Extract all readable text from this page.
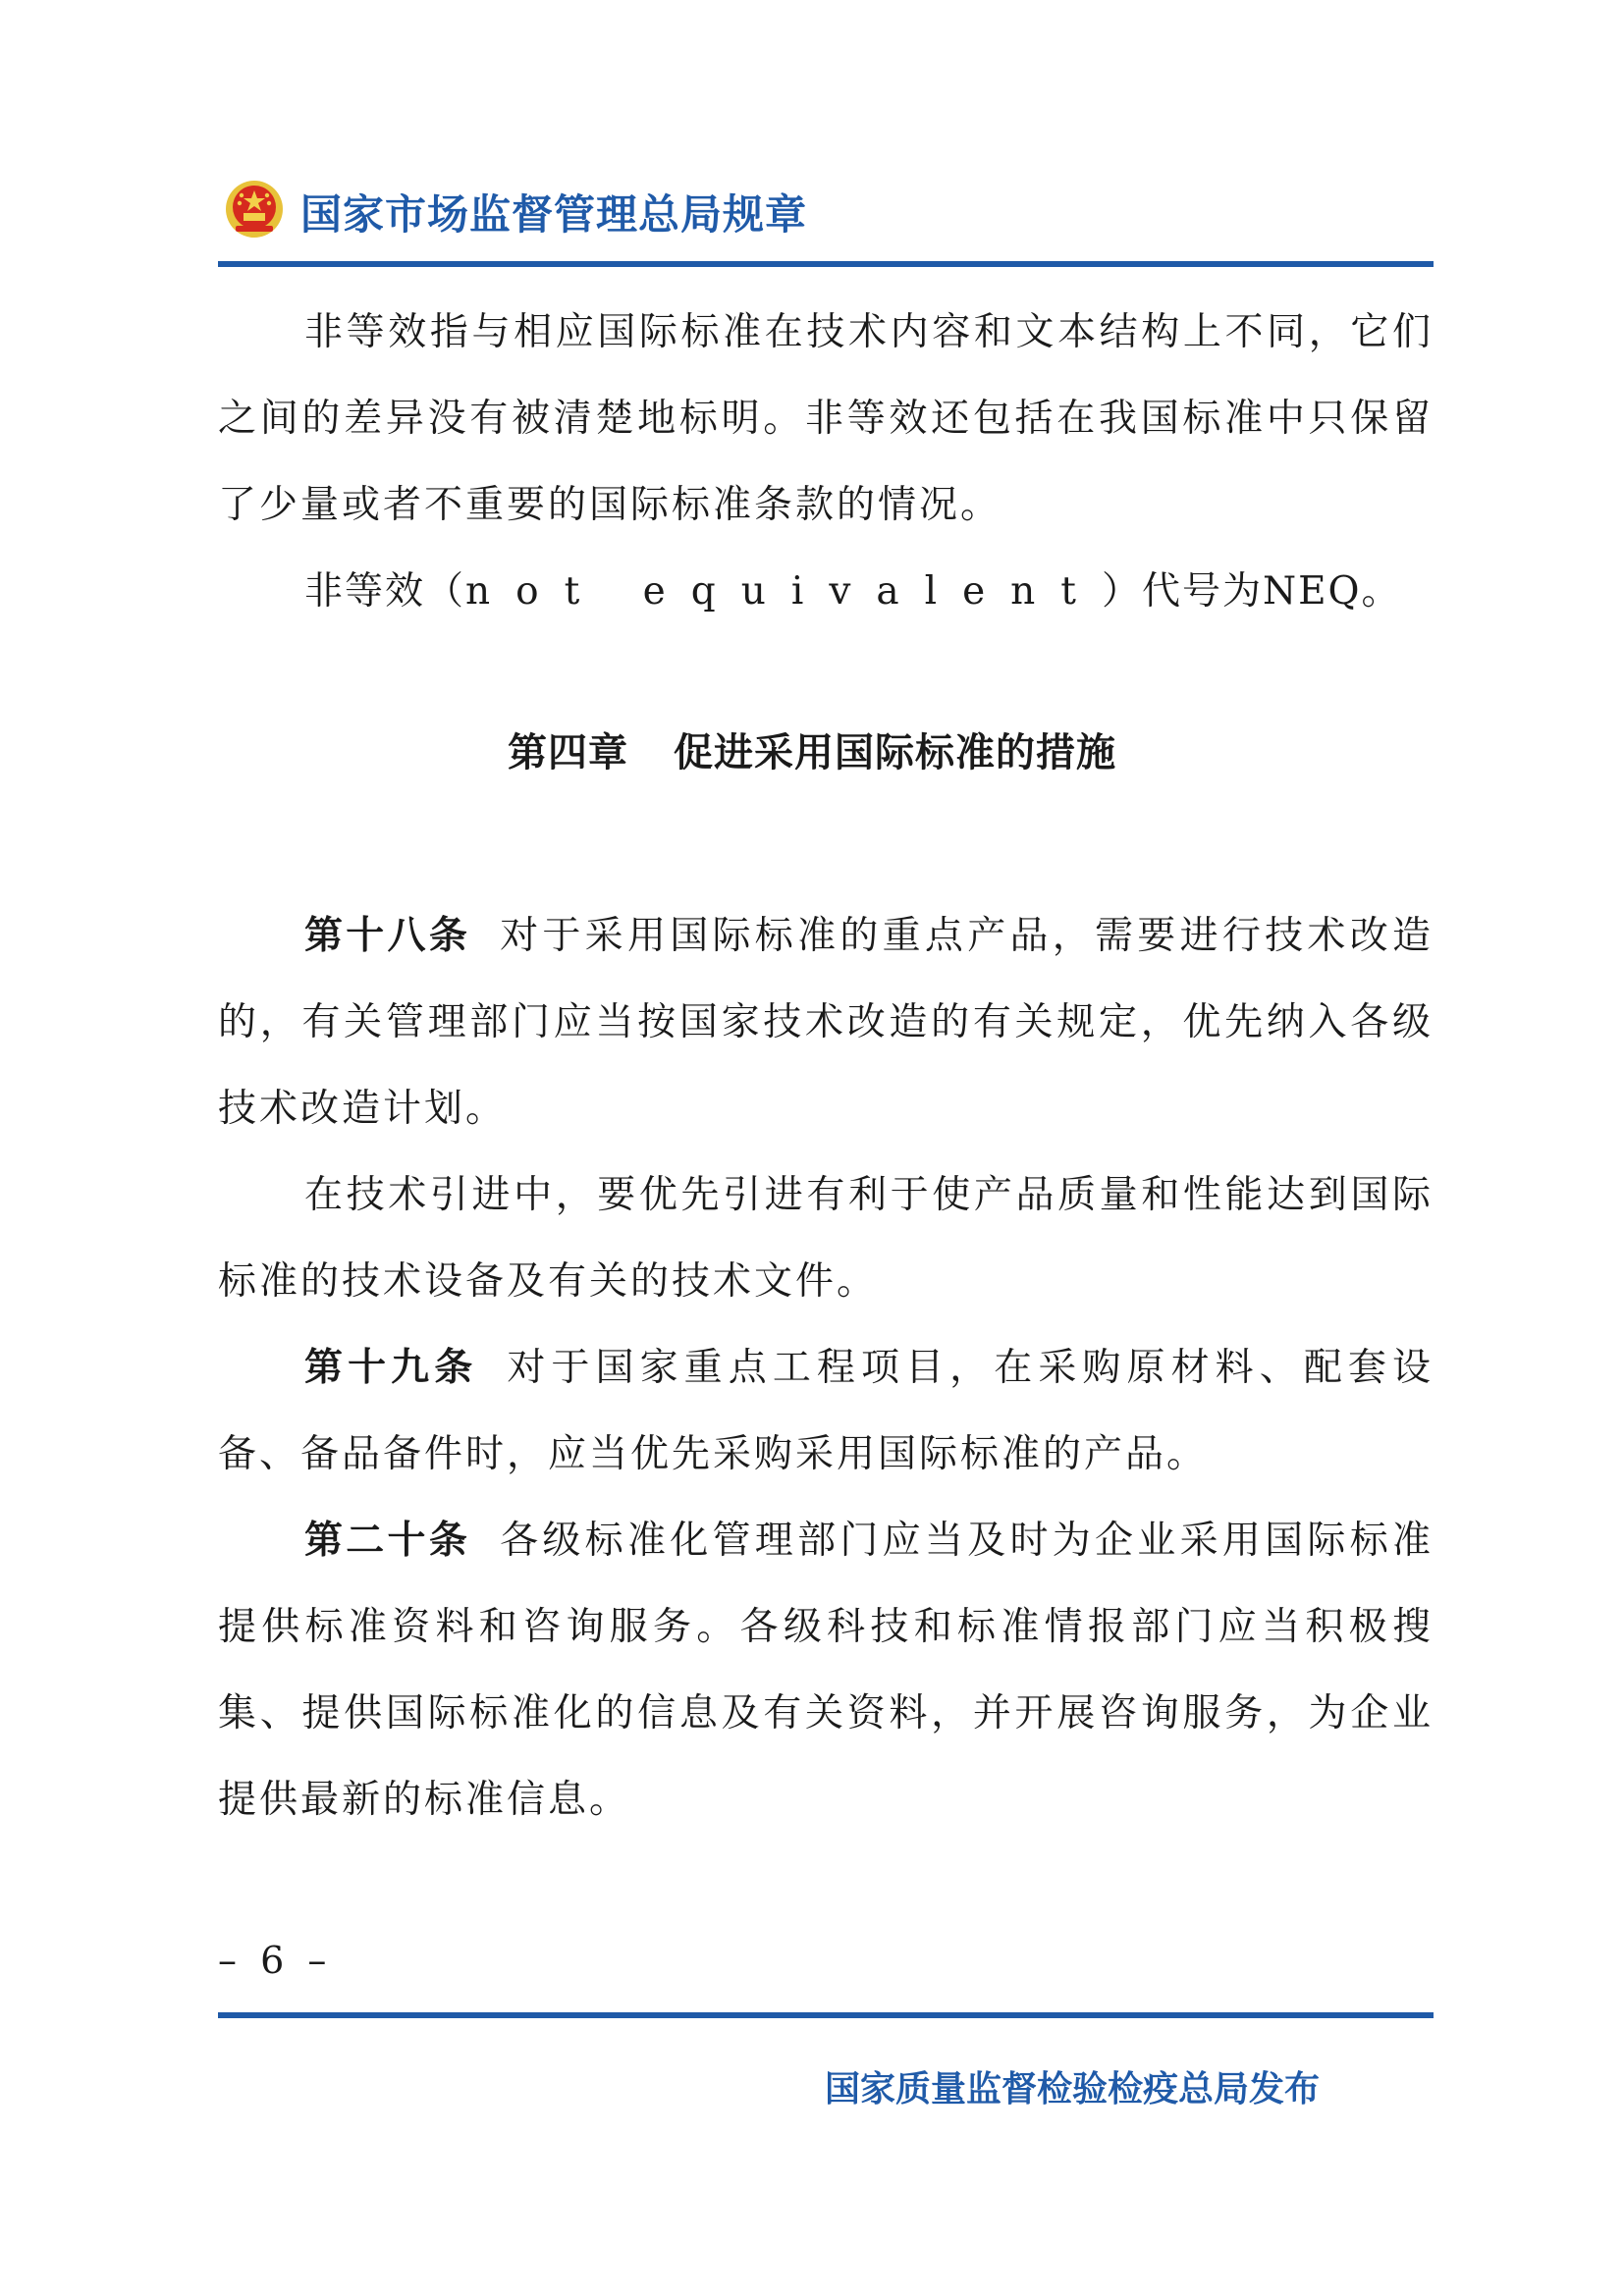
国家市场监督管理总局规章

非等效指与相应国际标准在技术内容和文本结构上不同，它们之间的差异没有被清楚地标明。非等效还包括在我国标准中只保留了少量或者不重要的国际标准条款的情况。

非等效（not equivalent）代号为NEQ。

第四章 促进采用国际标准的措施

第十八条 对于采用国际标准的重点产品，需要进行技术改造的，有关管理部门应当按国家技术改造的有关规定，优先纳入各级技术改造计划。

在技术引进中，要优先引进有利于使产品质量和性能达到国际标准的技术设备及有关的技术文件。

第十九条 对于国家重点工程项目，在采购原材料、配套设备、备品备件时，应当优先采购采用国际标准的产品。

第二十条 各级标准化管理部门应当及时为企业采用国际标准提供标准资料和咨询服务。各级科技和标准情报部门应当积极搜集、提供国际标准化的信息及有关资料，并开展咨询服务，为企业提供最新的标准信息。

– 6 –
国家质量监督检验检疫总局发布
